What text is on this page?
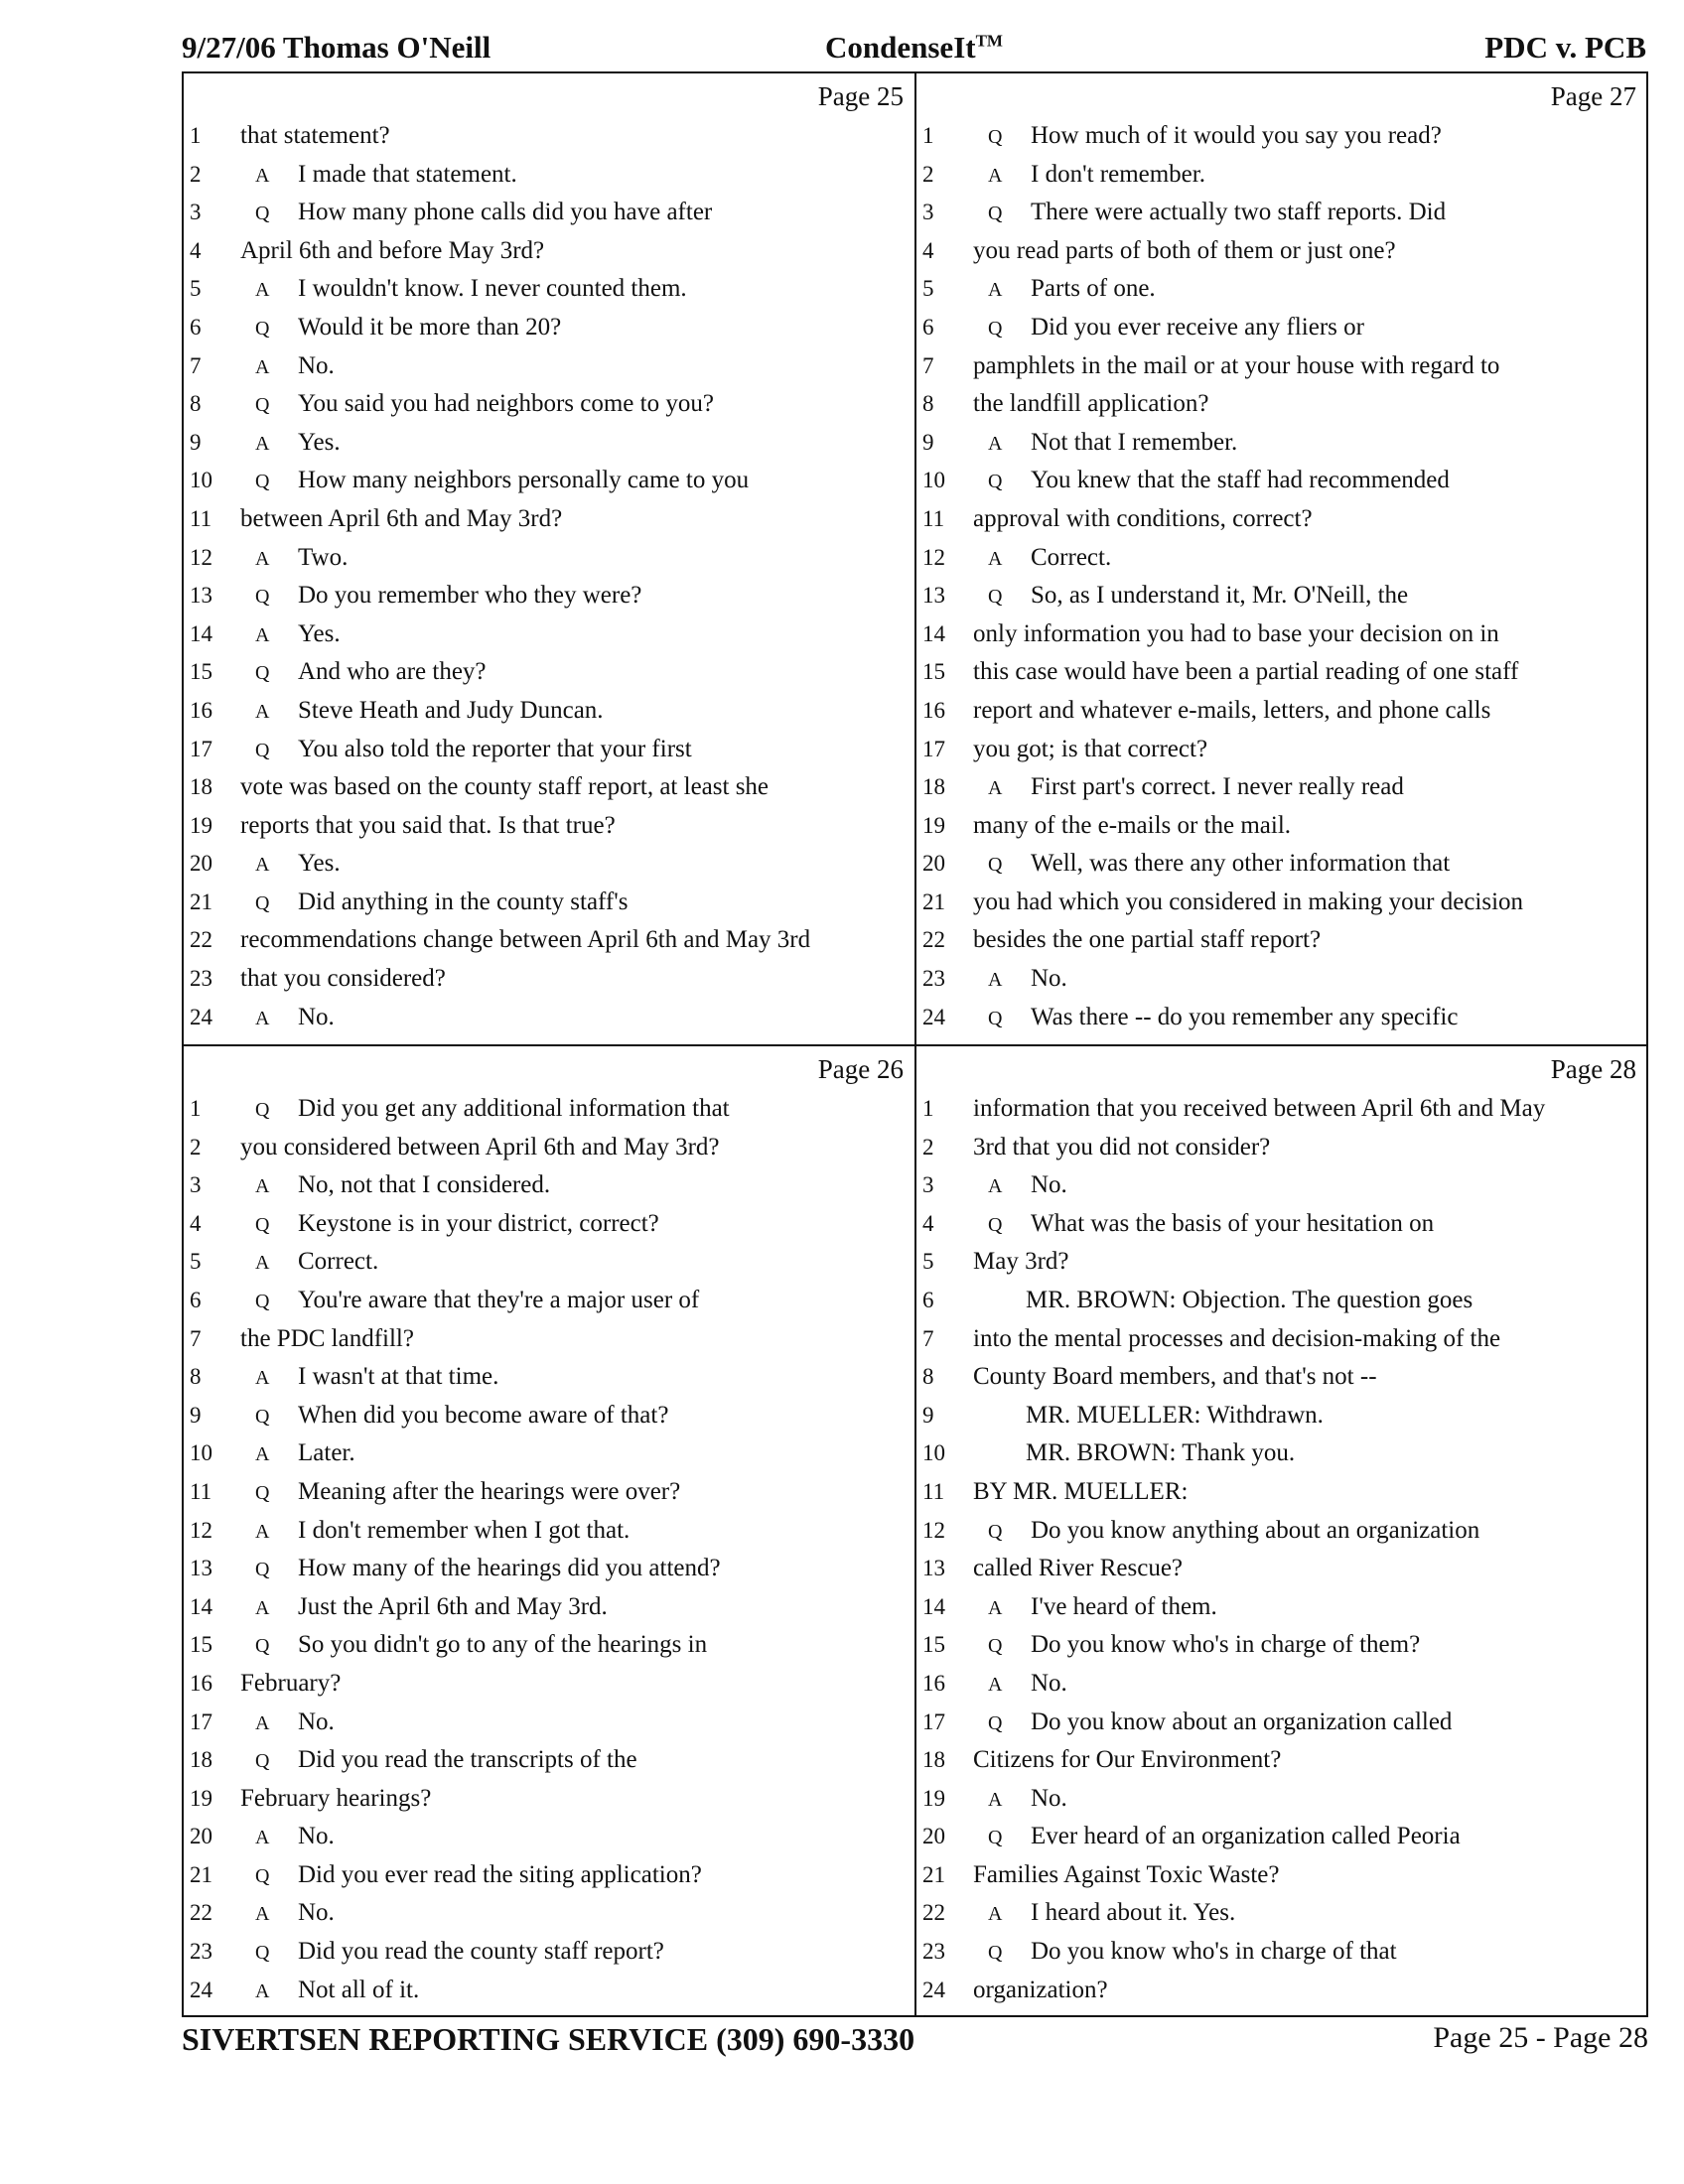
9/27/06 Thomas O'Neill	CondenseIt™	PDC v. PCB
Page 25
1	that statement?
2	A I made that statement.
3	Q How many phone calls did you have after
4	April 6th and before May 3rd?
5	A I wouldn't know. I never counted them.
6	Q Would it be more than 20?
7	A No.
8	Q You said you had neighbors come to you?
9	A Yes.
10	Q How many neighbors personally came to you
11	between April 6th and May 3rd?
12	A Two.
13	Q Do you remember who they were?
14	A Yes.
15	Q And who are they?
16	A Steve Heath and Judy Duncan.
17	Q You also told the reporter that your first
18 vote was based on the county staff report, at least she
19 reports that you said that. Is that true?
20	A Yes.
21	Q Did anything in the county staff's
22 recommendations change between April 6th and May 3rd
23 that you considered?
24	A No.
Page 27
1	Q How much of it would you say you read?
2	A I don't remember.
3	Q There were actually two staff reports. Did
4	you read parts of both of them or just one?
5	A Parts of one.
6	Q Did you ever receive any fliers or
7	pamphlets in the mail or at your house with regard to
8	the landfill application?
9	A Not that I remember.
10	Q You knew that the staff had recommended
11	approval with conditions, correct?
12	A Correct.
13	Q So, as I understand it, Mr. O'Neill, the
14 only information you had to base your decision on in
15 this case would have been a partial reading of one staff
16 report and whatever e-mails, letters, and phone calls
17 you got; is that correct?
18	A First part's correct. I never really read
19 many of the e-mails or the mail.
20	Q Well, was there any other information that
21 you had which you considered in making your decision
22 besides the one partial staff report?
23	A No.
24	Q Was there -- do you remember any specific
Page 26
1	Q Did you get any additional information that
2	you considered between April 6th and May 3rd?
3	A No, not that I considered.
4	Q Keystone is in your district, correct?
5	A Correct.
6	Q You're aware that they're a major user of
7	the PDC landfill?
8	A I wasn't at that time.
9	Q When did you become aware of that?
10	A Later.
11	Q Meaning after the hearings were over?
12	A I don't remember when I got that.
13	Q How many of the hearings did you attend?
14	A Just the April 6th and May 3rd.
15	Q So you didn't go to any of the hearings in
16 February?
17	A No.
18	Q Did you read the transcripts of the
19 February hearings?
20	A No.
21	Q Did you ever read the siting application?
22	A No.
23	Q Did you read the county staff report?
24	A Not all of it.
Page 28
1	information that you received between April 6th and May
2	3rd that you did not consider?
3	A No.
4	Q What was the basis of your hesitation on
5	May 3rd?
6	MR. BROWN: Objection. The question goes
7	into the mental processes and decision-making of the
8	County Board members, and that's not --
9	MR. MUELLER: Withdrawn.
10	MR. BROWN: Thank you.
11	BY MR. MUELLER:
12	Q Do you know anything about an organization
13 called River Rescue?
14	A I've heard of them.
15	Q Do you know who's in charge of them?
16	A No.
17	Q Do you know about an organization called
18 Citizens for Our Environment?
19	A No.
20	Q Ever heard of an organization called Peoria
21 Families Against Toxic Waste?
22	A I heard about it. Yes.
23	Q Do you know who's in charge of that
24 organization?
SIVERTSEN REPORTING SERVICE (309) 690-3330	Page 25 - Page 28
